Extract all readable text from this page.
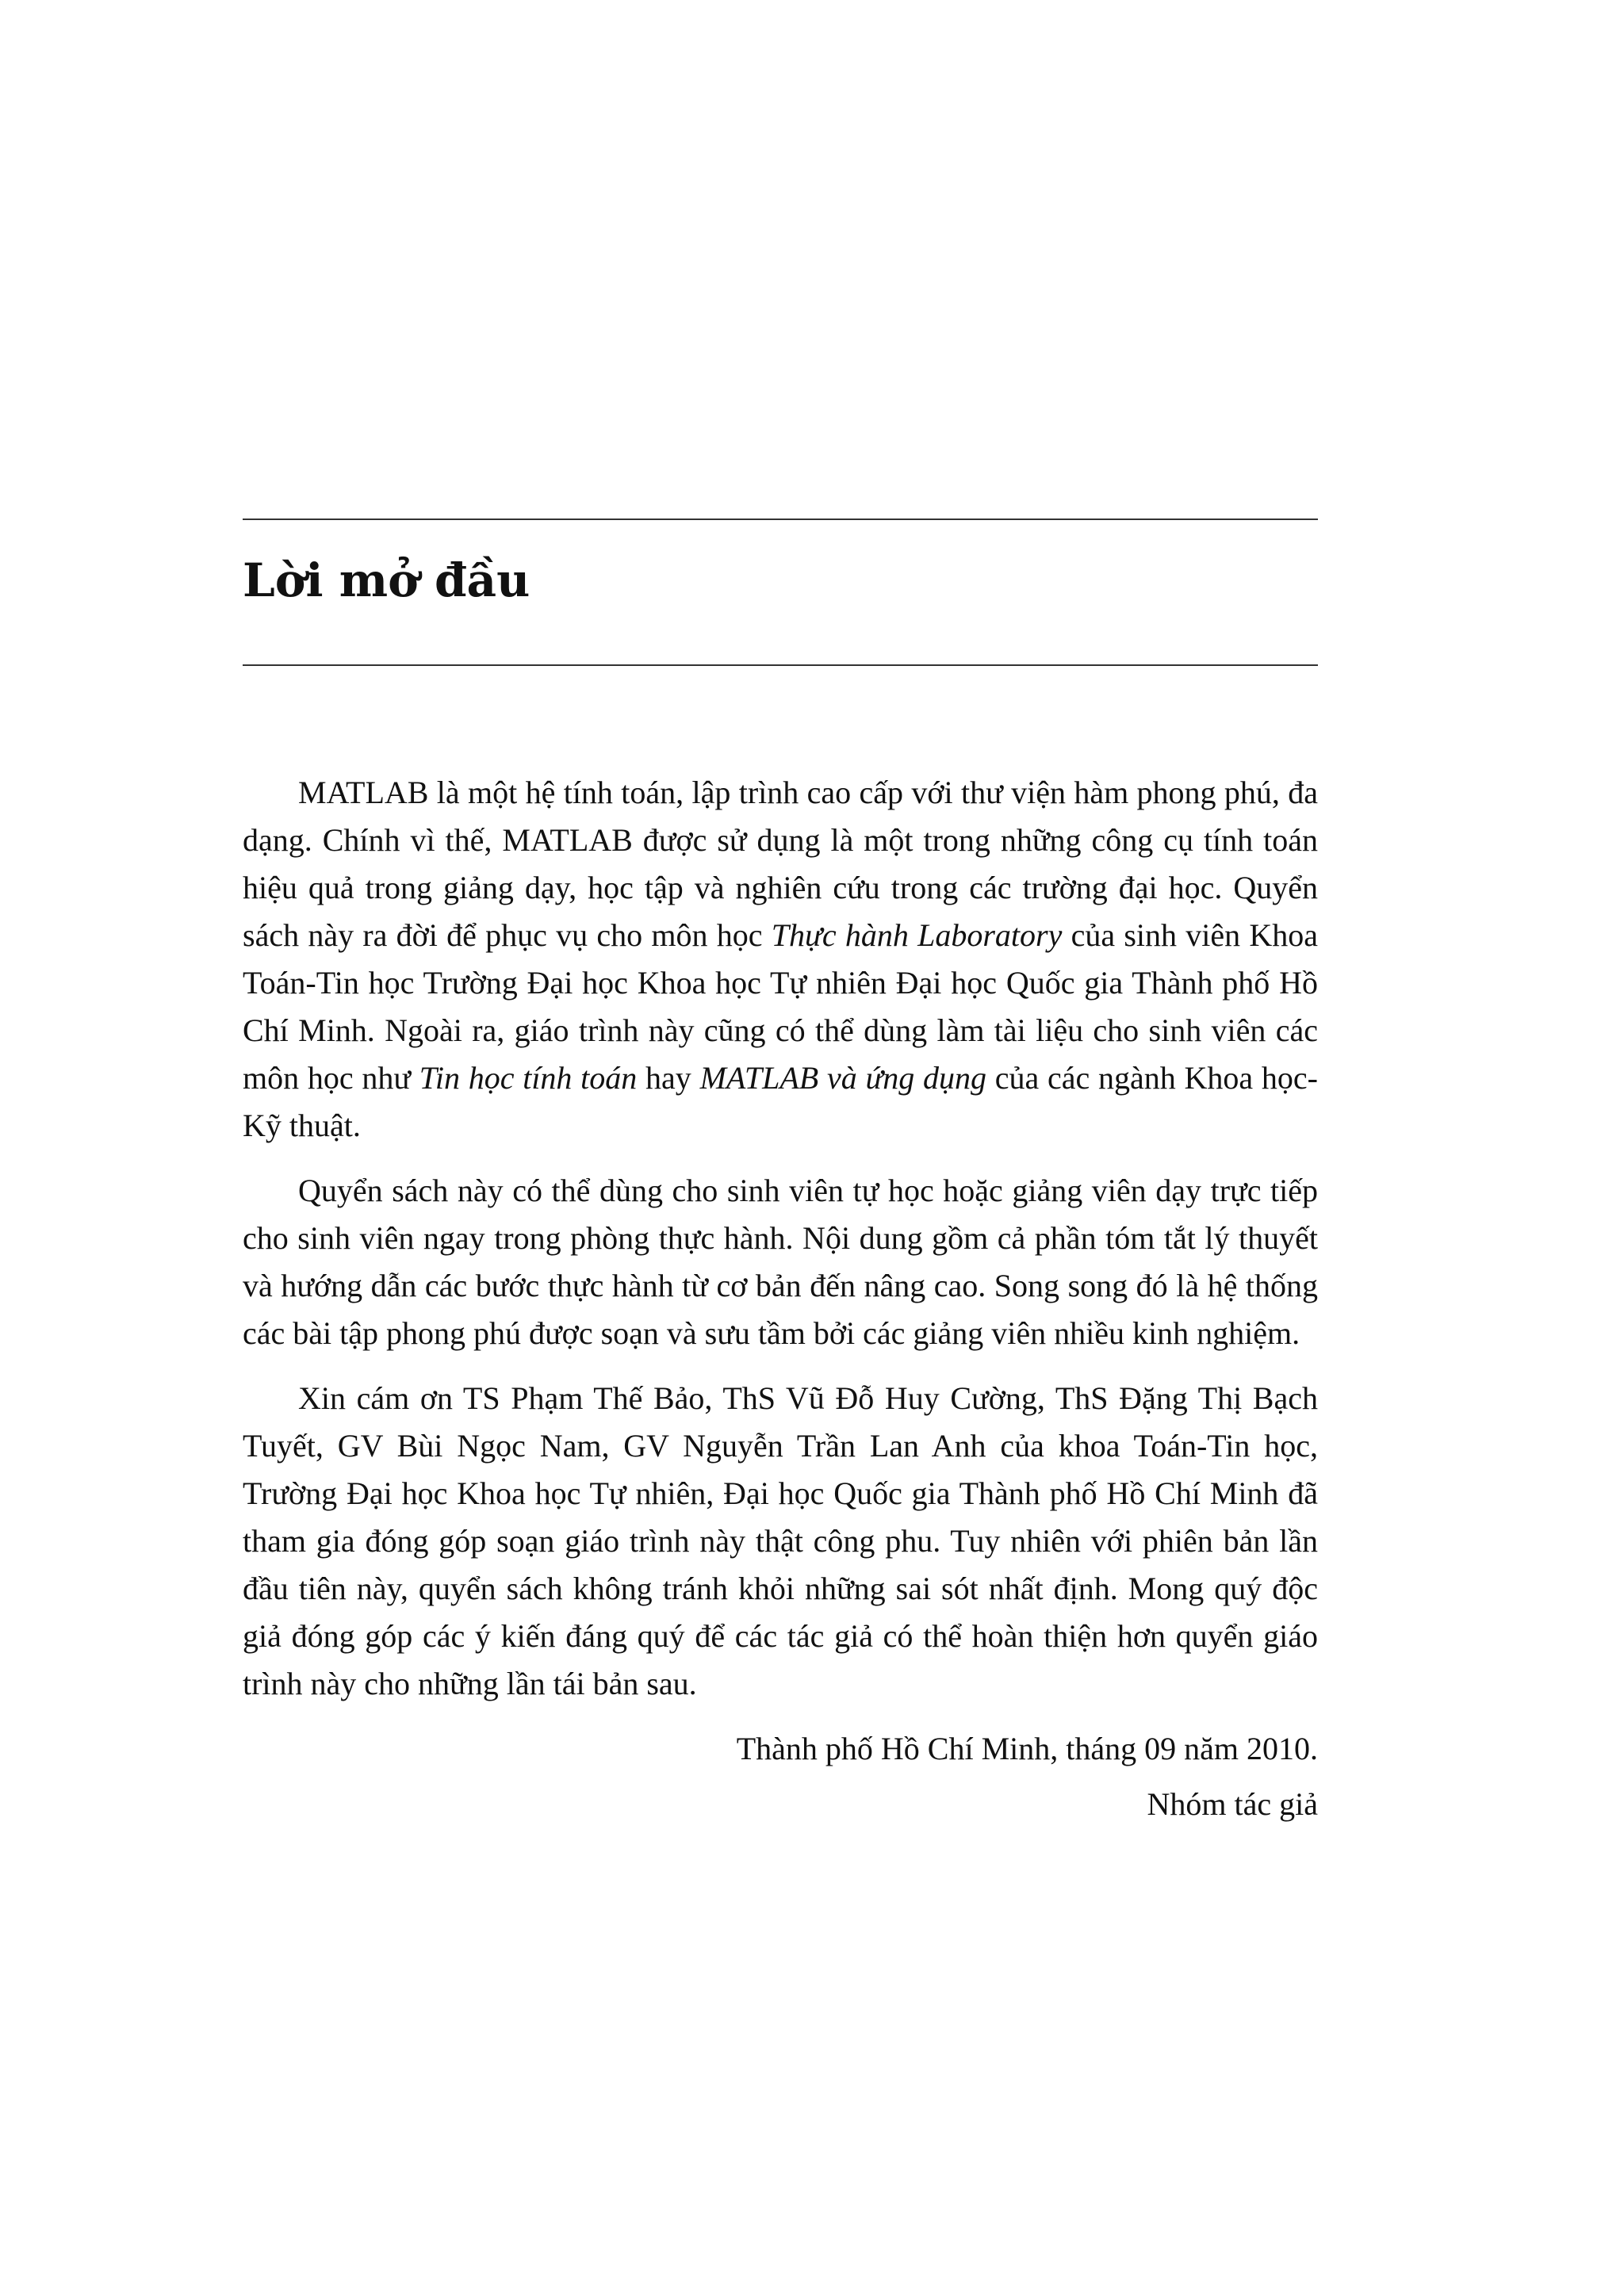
Lời mở đầu

MATLAB là một hệ tính toán, lập trình cao cấp với thư viện hàm phong phú, đa dạng. Chính vì thế, MATLAB được sử dụng là một trong những công cụ tính toán hiệu quả trong giảng dạy, học tập và nghiên cứu trong các trường đại học. Quyển sách này ra đời để phục vụ cho môn học Thực hành Laboratory của sinh viên Khoa Toán-Tin học Trường Đại học Khoa học Tự nhiên Đại học Quốc gia Thành phố Hồ Chí Minh. Ngoài ra, giáo trình này cũng có thể dùng làm tài liệu cho sinh viên các môn học như Tin học tính toán hay MATLAB và ứng dụng của các ngành Khoa học-Kỹ thuật.

Quyển sách này có thể dùng cho sinh viên tự học hoặc giảng viên dạy trực tiếp cho sinh viên ngay trong phòng thực hành. Nội dung gồm cả phần tóm tắt lý thuyết và hướng dẫn các bước thực hành từ cơ bản đến nâng cao. Song song đó là hệ thống các bài tập phong phú được soạn và sưu tầm bởi các giảng viên nhiều kinh nghiệm.

Xin cám ơn TS Phạm Thế Bảo, ThS Vũ Đỗ Huy Cường, ThS Đặng Thị Bạch Tuyết, GV Bùi Ngọc Nam, GV Nguyễn Trần Lan Anh của khoa Toán-Tin học, Trường Đại học Khoa học Tự nhiên, Đại học Quốc gia Thành phố Hồ Chí Minh đã tham gia đóng góp soạn giáo trình này thật công phu. Tuy nhiên với phiên bản lần đầu tiên này, quyển sách không tránh khỏi những sai sót nhất định. Mong quý độc giả đóng góp các ý kiến đáng quý để các tác giả có thể hoàn thiện hơn quyển giáo trình này cho những lần tái bản sau.

Thành phố Hồ Chí Minh, tháng 09 năm 2010.

Nhóm tác giả
